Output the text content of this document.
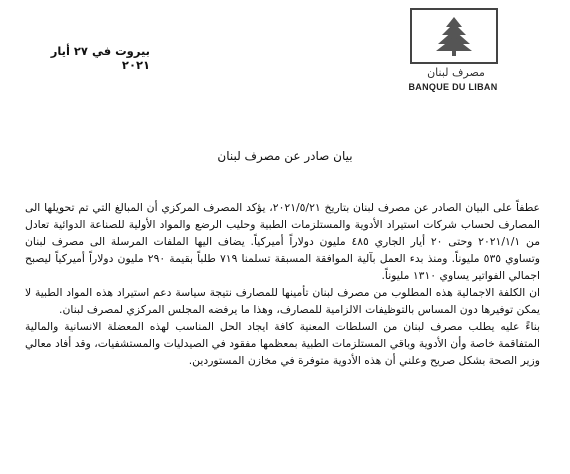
مصرف لبنان
BANQUE DU LIBAN
بيروت في ٢٧ أيار ٢٠٢١
بيان صادر عن مصرف لبنان

عطفاً على البيان الصادر عن مصرف لبنان بتاريخ ٢٠٢١/٥/٢١، يؤكد المصرف المركزي أن المبالغ التي تم تحويلها الى المصارف لحساب شركات استيراد الأدوية والمستلزمات الطبية وحليب الرضع والمواد الأولية للصناعة الدوائية تعادل من ٢٠٢١/١/١ وحتى ٢٠ أيار الجاري ٤٨٥ مليون دولاراً أميركياً. يضاف اليها الملفات المرسلة الى مصرف لبنان وتساوي ٥٣٥ مليوناً. ومنذ بدء العمل بآلية الموافقة المسبقة تسلمنا ٧١٩ طلباً بقيمة ٢٩٠ مليون دولاراً أميركياً ليصبح اجمالي الفواتير يساوي ١٣١٠ مليوناً.

ان الكلفة الاجمالية هذه المطلوب من مصرف لبنان تأمينها للمصارف نتيجة سياسة دعم استيراد هذه المواد الطبية لا يمكن توفيرها دون المساس بالتوظيفات الالزامية للمصارف، وهذا ما يرفضه المجلس المركزي لمصرف لبنان.

بناءً عليه يطلب مصرف لبنان من السلطات المعنية كافة ايجاد الحل المناسب لهذه المعضلة الانسانية والمالية المتفاقمة خاصة وأن الأدوية وباقي المستلزمات الطبية بمعظمها مفقود في الصيدليات والمستشفيات، وقد أفاد معالي وزير الصحة بشكل صريح وعلني أن هذه الأدوية متوفرة في مخازن المستوردين.
